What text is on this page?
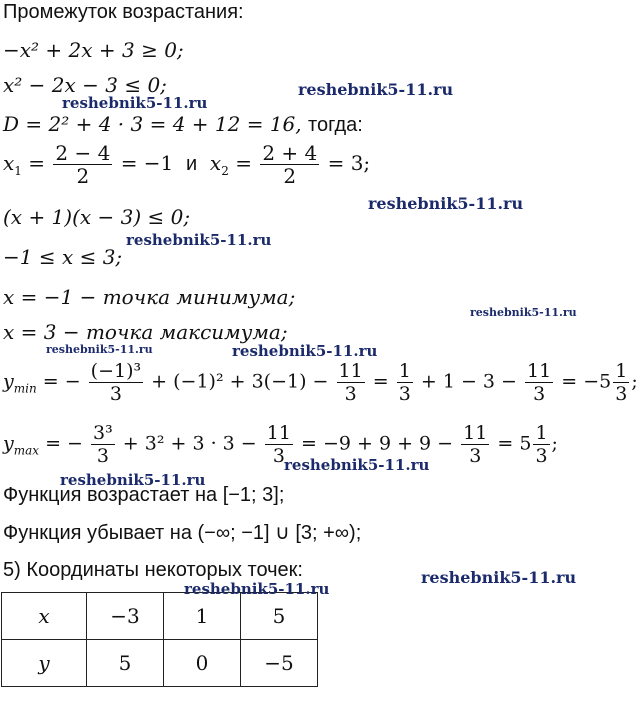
Промежуток возрастания:
−x² + 2x + 3 ≥ 0;
x² − 2x − 3 ≤ 0;
D = 2² + 4 · 3 = 4 + 12 = 16, тогда:
$x_1 = \frac{2 - 4}{2} = -1$ и $x_2 = \frac{2 + 4}{2} = 3$;
(x + 1)(x − 3) ≤ 0;
−1 ≤ x ≤ 3;
x = −1 − точка минимума;
x = 3 − точка максимума;
$y_{min}$ = − $\frac{\text{(−1)³}}{3} + (-1)^2 + 3(-1) - \frac{11}{3} = \frac{1}{3} + 1 - 3 - \frac{11}{3} = -5 \frac{1}{3}$ ;
$y_{max}$ = − $\frac{\text{3³}}{3} + 3^2 + 3 \cdot 3 - \frac{11}{3} = -9 + 9 + 9 - \frac{11}{3} = 5 \frac{1}{3}$ ;
Функция возрастает на [−1; 3];
Функция убывает на (−∞; −1] ∪ [3; +∞);
5) Координаты некоторых точек:
x	−3	1	5
y	5	0	−5
reshebnik5-11.ru
reshebnik5-11.ru
reshebnik5-11.ru
reshebnik5-11.ru
reshebnik5-11.ru
reshebnik5-11.ru	reshebnik5-11.ru
reshebnik5-11.ru
reshebnik5-11.ru
reshebnik5-11.ru
reshebnik5-11.ru
